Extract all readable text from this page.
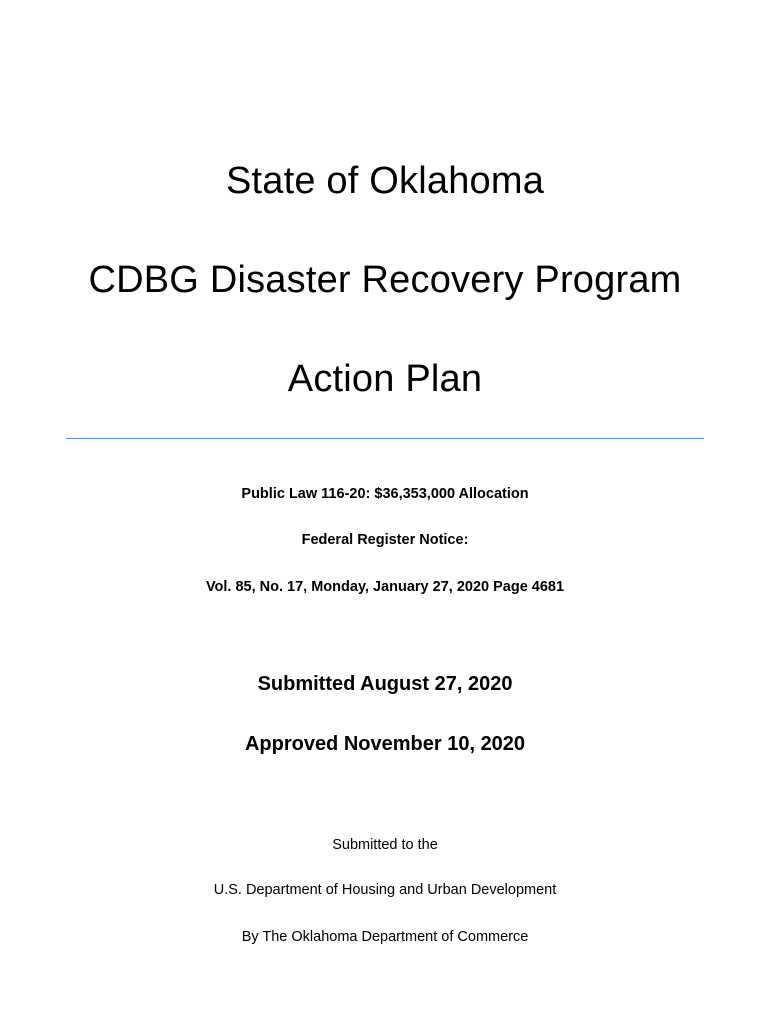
State of Oklahoma
CDBG Disaster Recovery Program
Action Plan
Public Law 116-20: $36,353,000 Allocation
Federal Register Notice:
Vol. 85, No. 17, Monday, January 27, 2020 Page 4681
Submitted August 27, 2020
Approved November 10, 2020
Submitted to the
U.S. Department of Housing and Urban Development
By The Oklahoma Department of Commerce
